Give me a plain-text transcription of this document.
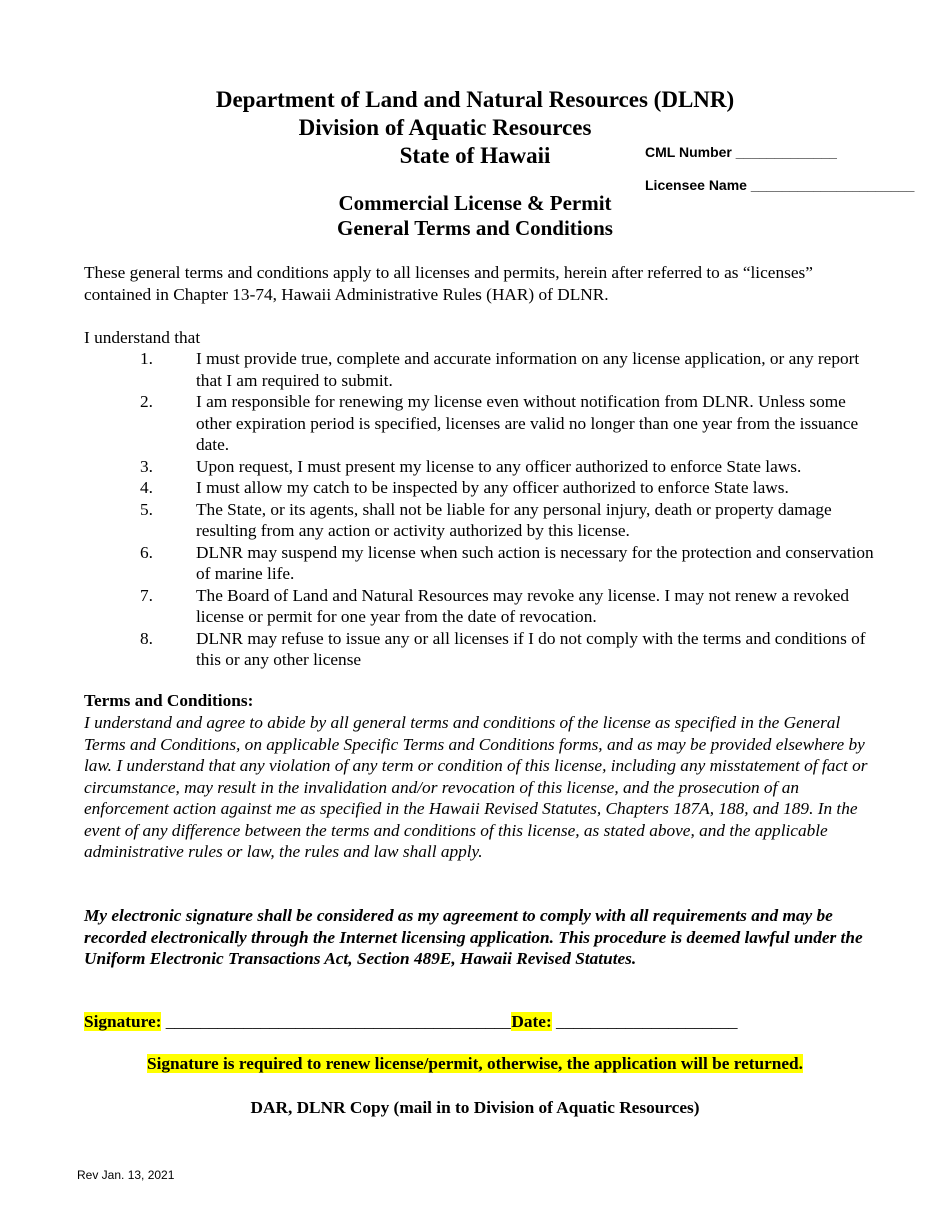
Department of Land and Natural Resources (DLNR)
Division of Aquatic Resources
State of Hawaii	CML Number _____________
Licensee Name _____________________
Commercial License & Permit
General Terms and Conditions
These general terms and conditions apply to all licenses and permits, herein after referred to as “licenses” contained in Chapter 13-74, Hawaii Administrative Rules (HAR) of DLNR.
I understand that
1. I must provide true, complete and accurate information on any license application, or any report that I am required to submit.
2. I am responsible for renewing my license even without notification from DLNR. Unless some other expiration period is specified, licenses are valid no longer than one year from the issuance date.
3. Upon request, I must present my license to any officer authorized to enforce State laws.
4. I must allow my catch to be inspected by any officer authorized to enforce State laws.
5. The State, or its agents, shall not be liable for any personal injury, death or property damage resulting from any action or activity authorized by this license.
6. DLNR may suspend my license when such action is necessary for the protection and conservation of marine life.
7. The Board of Land and Natural Resources may revoke any license. I may not renew a revoked license or permit for one year from the date of revocation.
8. DLNR may refuse to issue any or all licenses if I do not comply with the terms and conditions of this or any other license
Terms and Conditions:
I understand and agree to abide by all general terms and conditions of the license as specified in the General Terms and Conditions, on applicable Specific Terms and Conditions forms, and as may be provided elsewhere by law. I understand that any violation of any term or condition of this license, including any misstatement of fact or circumstance, may result in the invalidation and/or revocation of this license, and the prosecution of an enforcement action against me as specified in the Hawaii Revised Statutes, Chapters 187A, 188, and 189. In the event of any difference between the terms and conditions of this license, as stated above, and the applicable administrative rules or law, the rules and law shall apply.
My electronic signature shall be considered as my agreement to comply with all requirements and may be recorded electronically through the Internet licensing application. This procedure is deemed lawful under the Uniform Electronic Transactions Act, Section 489E, Hawaii Revised Statutes.
Signature: ________________________________________Date: _____________________
Signature is required to renew license/permit, otherwise, the application will be returned.
DAR, DLNR Copy (mail in to Division of Aquatic Resources)
Rev Jan. 13, 2021
